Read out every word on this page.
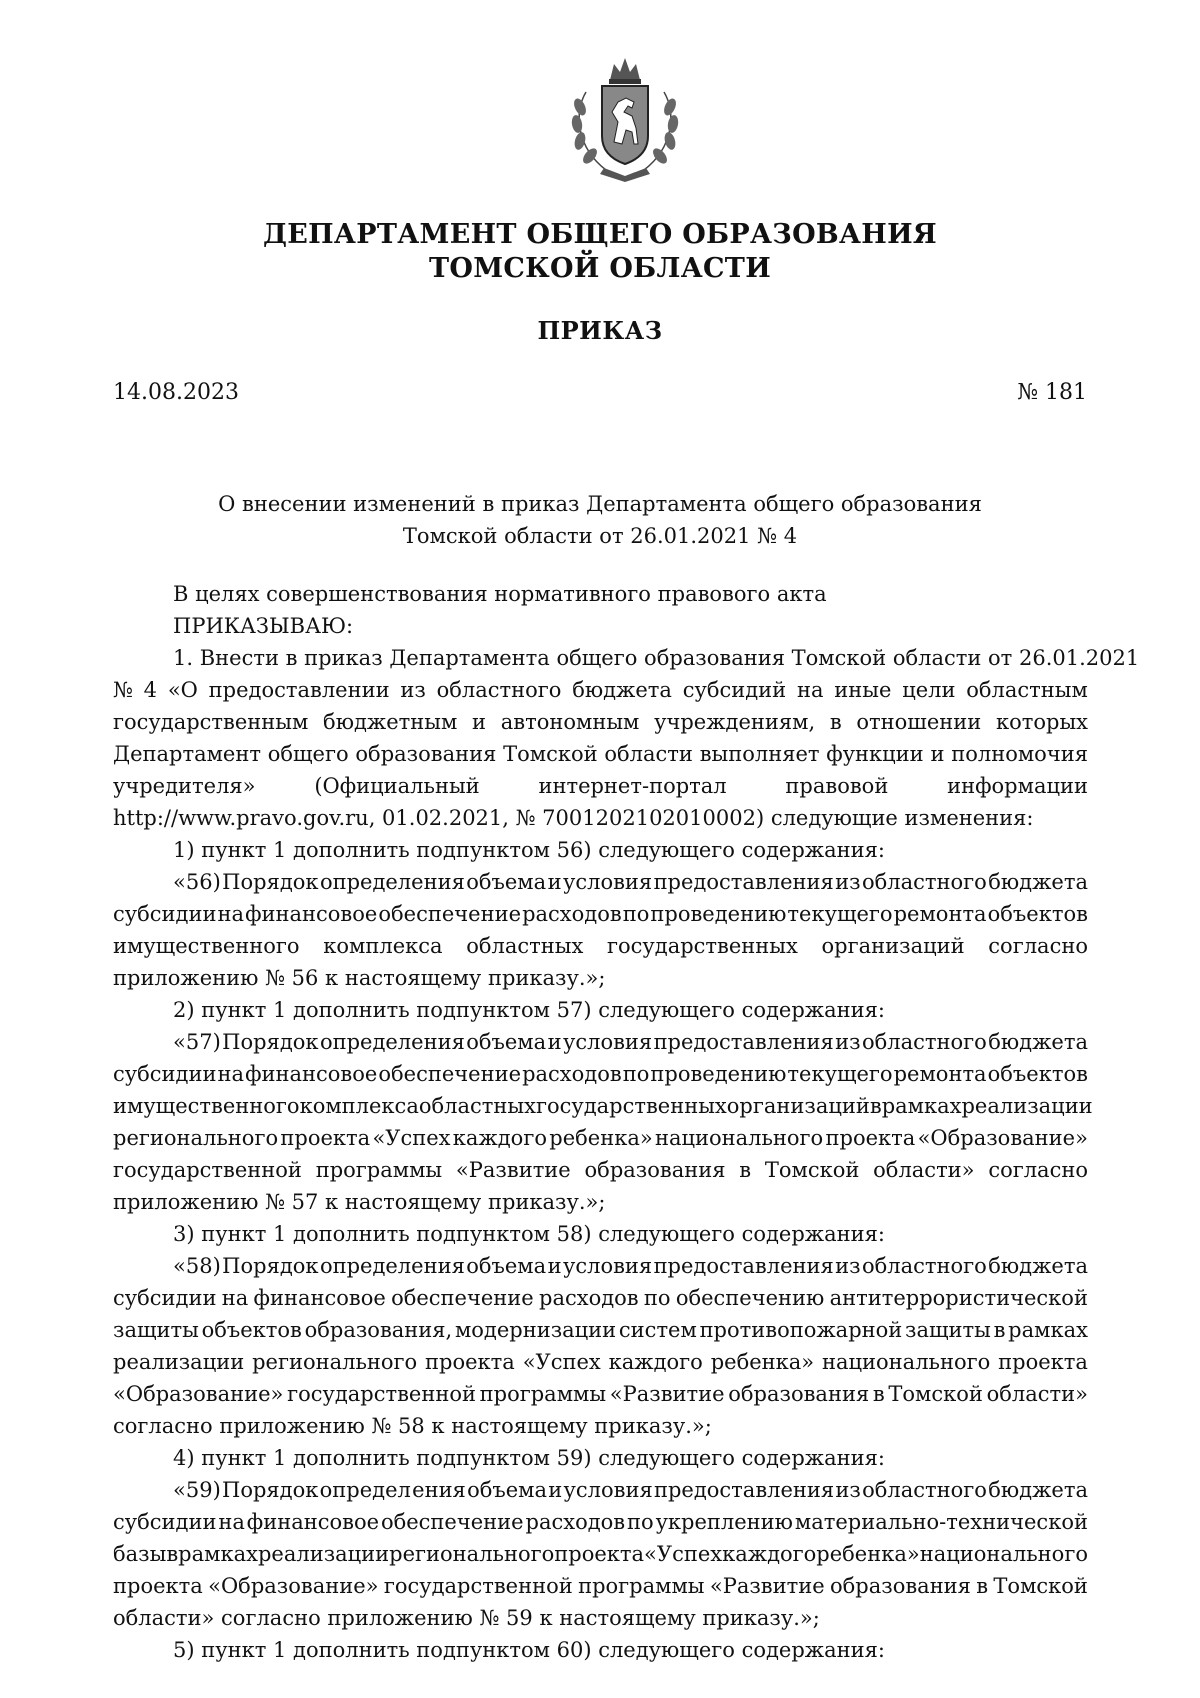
ДЕПАРТАМЕНТ ОБЩЕГО ОБРАЗОВАНИЯ
ТОМСКОЙ ОБЛАСТИ
ПРИКАЗ
14.08.2023	№ 181
О внесении изменений в приказ Департамента общего образования
Томской области от 26.01.2021 № 4
В целях совершенствования нормативного правового акта
ПРИКАЗЫВАЮ:
1. Внести в приказ Департамента общего образования Томской области от 26.01.2021
№ 4 «О предоставлении из областного бюджета субсидий на иные цели областным
государственным бюджетным и автономным учреждениям, в отношении которых
Департамент общего образования Томской области выполняет функции и полномочия
учредителя»	(Официальный	интернет-портал	правовой	информации
http://www.pravo.gov.ru, 01.02.2021, № 7001202102010002) следующие изменения:
1) пункт 1 дополнить подпунктом 56) следующего содержания:
«56) Порядок определения объема и условия предоставления из областного бюджета
субсидии на финансовое обеспечение расходов по проведению текущего ремонта объектов
имущественного комплекса областных государственных организаций согласно
приложению № 56 к настоящему приказу.»;
2) пункт 1 дополнить подпунктом 57) следующего содержания:
«57) Порядок определения объема и условия предоставления из областного бюджета
субсидии на финансовое обеспечение расходов по проведению текущего ремонта объектов
имущественного комплекса областных государственных организаций в рамках реализации
регионального проекта «Успех каждого ребенка» национального проекта «Образование»
государственной программы «Развитие образования в Томской области» согласно
приложению № 57 к настоящему приказу.»;
3) пункт 1 дополнить подпунктом 58) следующего содержания:
«58) Порядок определения объема и условия предоставления из областного бюджета
субсидии на финансовое обеспечение расходов по обеспечению антитеррористической
защиты объектов образования, модернизации систем противопожарной защиты в рамках
реализации регионального проекта «Успех каждого ребенка» национального проекта
«Образование» государственной программы «Развитие образования в Томской области»
согласно приложению № 58 к настоящему приказу.»;
4) пункт 1 дополнить подпунктом 59) следующего содержания:
«59) Порядок определ ения объема и условия предоставления из областного бюджета
субсидии на финансовое обеспечение расходов по укреплению материально-технической
базы в рамках реализации регионального проекта «Успех каждого ребенка» национального
проекта «Образование» государственной программы «Развитие образования в Томской
области» согласно приложению № 59 к настоящему приказу.»;
5) пункт 1 дополнить подпунктом 60) следующего содержания:
